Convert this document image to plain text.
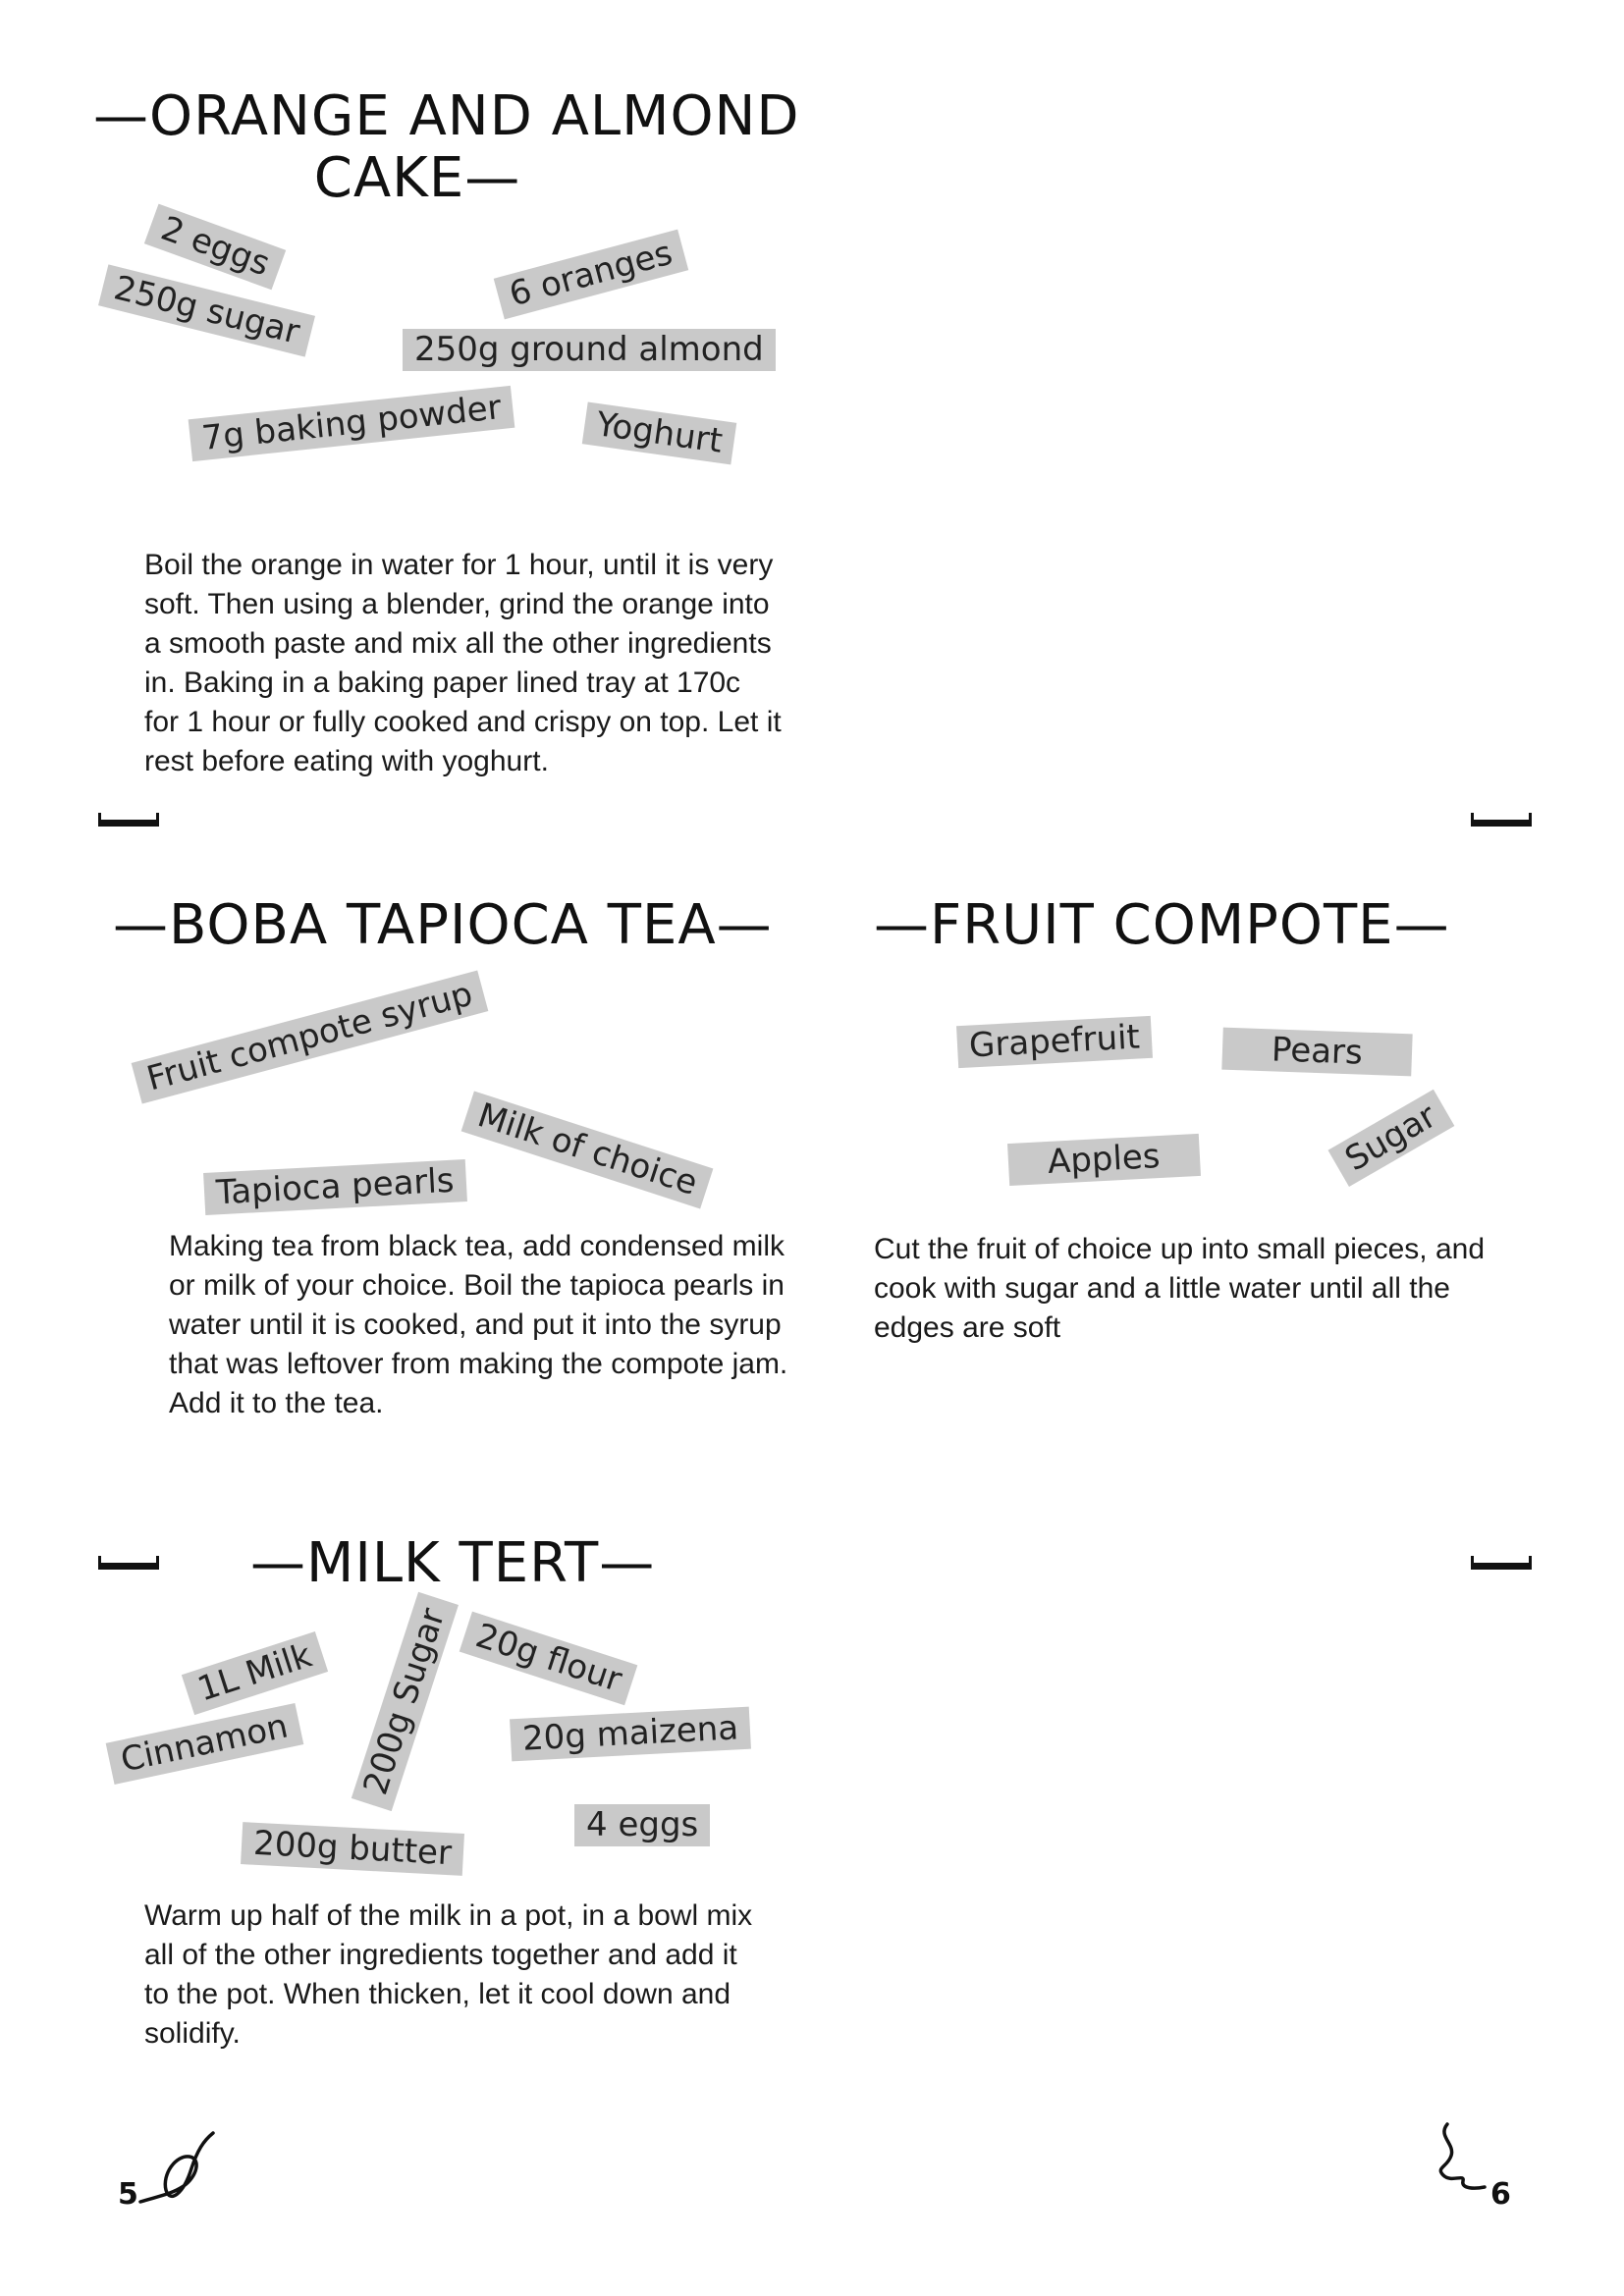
—ORANGE AND ALMOND
CAKE—
2 eggs	6 oranges
250g sugar	250g ground almond
7g baking powder	Yoghurt
Boil the orange in water for 1 hour, until it is very
soft. Then using a blender, grind the orange into
a smooth paste and mix all the other ingredients
in. Baking in a baking paper lined tray at 170c
for 1 hour or fully cooked and crispy on top. Let it
rest before eating with yoghurt.
—BOBA TAPIOCA TEA—
Fruit compote syrup
Milk of choice
Tapioca pearls
Making tea from black tea, add condensed milk
or milk of your choice. Boil the tapioca pearls in
water until it is cooked, and put it into the syrup
that was leftover from making the compote jam.
Add it to the tea.
—FRUIT COMPOTE—
Grapefruit	Pears
Apples	Sugar
Cut the fruit of choice up into small pieces, and
cook with sugar and a little water until all the
edges are soft
—MILK TERT—
1L Milk	200g Sugar 20g flour
Cinnamon	20g maizena
4 eggs
200g butter
Warm up half of the milk in a pot, in a bowl mix
all of the other ingredients together and add it
to the pot. When thicken, let it cool down and
solidify.
5	6
